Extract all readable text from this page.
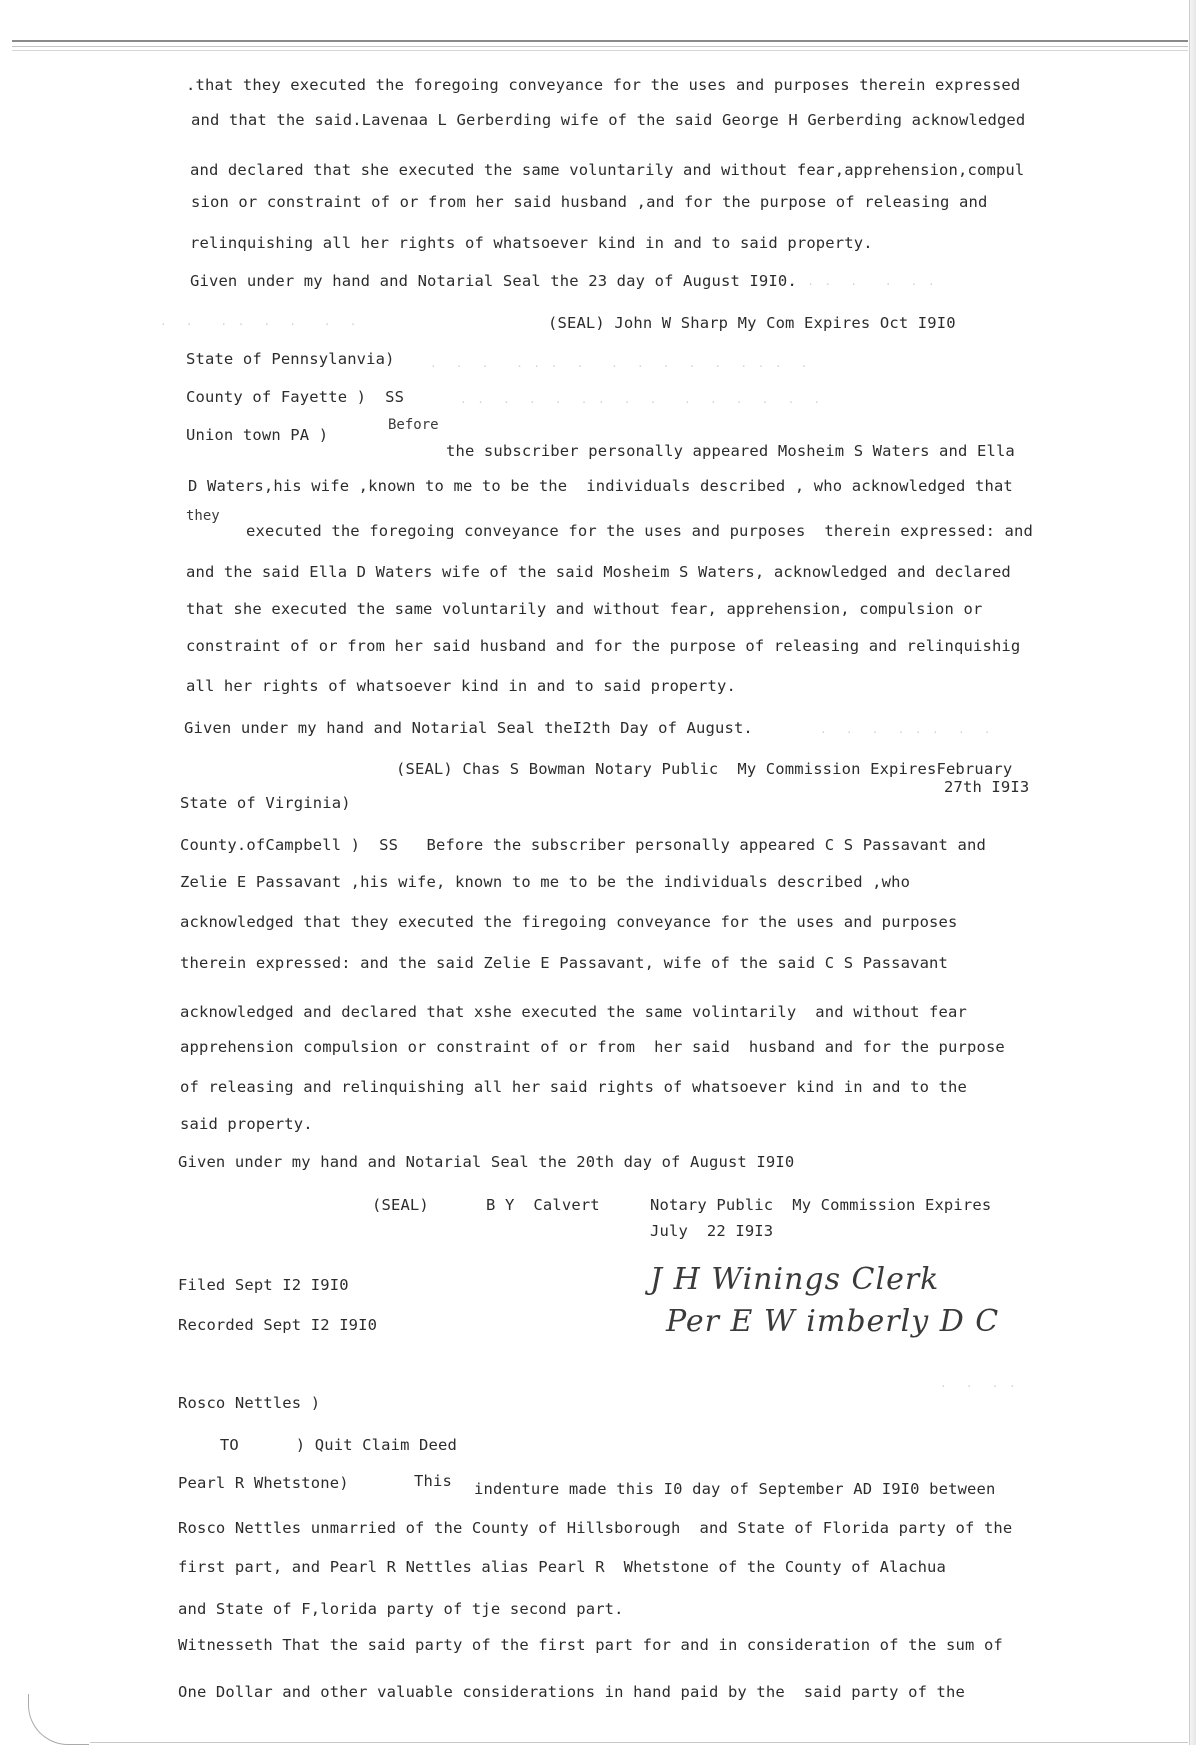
· · ·  ·   ·  · ·
·  ·   · ·  ·  ·   ·  ·
·  ·  ·   · · ·  ·   ·  ·  ·  ·  ·  · · ·  ·
· ·  ·  ·  ·  · ·  ·  ·   ·  ·  ·  ·  ·  ·
·  ·  ·  · · ·  ·  ·
·  ·  · ·
.that they executed the foregoing conveyance for the uses and purposes therein expressed
and that the said.Lavenaa L Gerberding wife of the said George H Gerberding acknowledged
and declared that she executed the same voluntarily and without fear,apprehension,compul
sion or constraint of or from her said husband ,and for the purpose of releasing and
relinquishing all her rights of whatsoever kind in and to said property.
Given under my hand and Notarial Seal the 23 day of August I9I0.
(SEAL) John W Sharp My Com Expires Oct I9I0
State of Pennsylanvia)
County of Fayette )  SS
Union town PA )
Before
the subscriber personally appeared Mosheim S Waters and Ella
D Waters,his wife ,known to me to be the  individuals described , who acknowledged that
they
executed the foregoing conveyance for the uses and purposes  therein expressed: and
and the said Ella D Waters wife of the said Mosheim S Waters, acknowledged and declared
that she executed the same voluntarily and without fear, apprehension, compulsion or
constraint of or from her said husband and for the purpose of releasing and relinquishig
all her rights of whatsoever kind in and to said property.
Given under my hand and Notarial Seal theI2th Day of August.
(SEAL) Chas S Bowman Notary Public  My Commission ExpiresFebruary
27th I9I3
State of Virginia)
County.ofCampbell )  SS   Before the subscriber personally appeared C S Passavant and
Zelie E Passavant ,his wife, known to me to be the individuals described ,who
acknowledged that they executed the firegoing conveyance for the uses and purposes
therein expressed: and the said Zelie E Passavant, wife of the said C S Passavant
acknowledged and declared that xshe executed the same volintarily  and without fear
apprehension compulsion or constraint of or from  her said  husband and for the purpose
of releasing and relinquishing all her said rights of whatsoever kind in and to the
said property.
Given under my hand and Notarial Seal the 20th day of August I9I0
(SEAL)	B Y  Calvert	Notary Public  My Commission Expires
July  22 I9I3
Filed Sept I2 I9I0
Recorded Sept I2 I9I0
J H Winings Clerk
Per E W imberly D C
Rosco Nettles )
TO      ) Quit Claim Deed
Pearl R Whetstone)	This indenture made this I0 day of September AD I9I0 between
Rosco Nettles unmarried of the County of Hillsborough  and State of Florida party of the
first part, and Pearl R Nettles alias Pearl R  Whetstone of the County of Alachua
and State of F,lorida party of tje second part.
Witnesseth That the said party of the first part for and in consideration of the sum of
One Dollar and other valuable considerations in hand paid by the  said party of the
